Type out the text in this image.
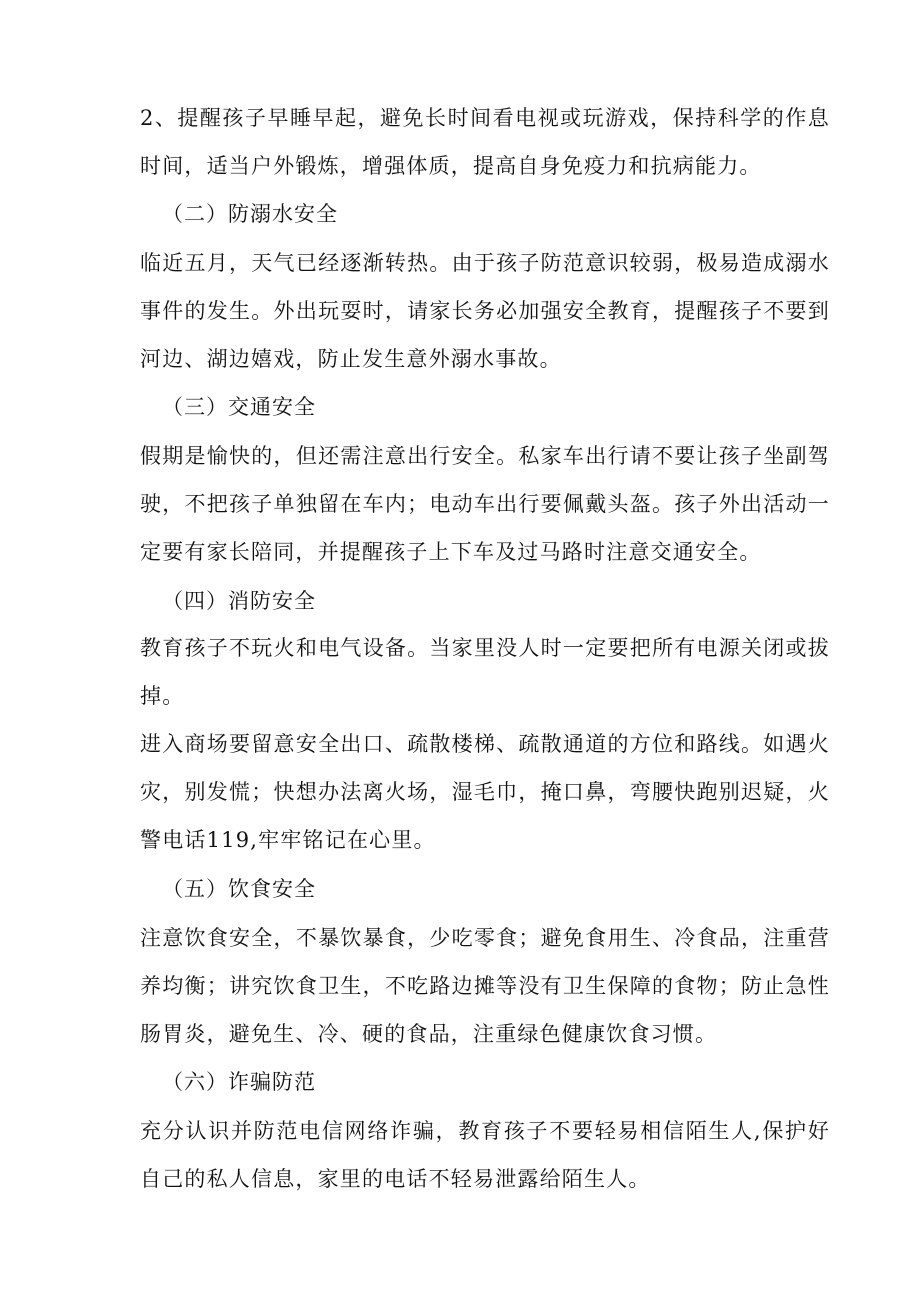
2、提醒孩子早睡早起，避免长时间看电视或玩游戏，保持科学的作息时间，适当户外锻炼，增强体质，提高自身免疫力和抗病能力。

（二）防溺水安全

临近五月，天气已经逐渐转热。由于孩子防范意识较弱，极易造成溺水事件的发生。外出玩耍时，请家长务必加强安全教育，提醒孩子不要到河边、湖边嬉戏，防止发生意外溺水事故。

（三）交通安全

假期是愉快的，但还需注意出行安全。私家车出行请不要让孩子坐副驾驶，不把孩子单独留在车内；电动车出行要佩戴头盔。孩子外出活动一定要有家长陪同，并提醒孩子上下车及过马路时注意交通安全。

（四）消防安全

教育孩子不玩火和电气设备。当家里没人时一定要把所有电源关闭或拔掉。

进入商场要留意安全出口、疏散楼梯、疏散通道的方位和路线。如遇火灾，别发慌；快想办法离火场，湿毛巾，掩口鼻，弯腰快跑别迟疑，火警电话119,牢牢铭记在心里。

（五）饮食安全

注意饮食安全，不暴饮暴食，少吃零食；避免食用生、冷食品，注重营养均衡；讲究饮食卫生，不吃路边摊等没有卫生保障的食物；防止急性肠胃炎，避免生、冷、硬的食品，注重绿色健康饮食习惯。

（六）诈骗防范

充分认识并防范电信网络诈骗，教育孩子不要轻易相信陌生人,保护好自己的私人信息，家里的电话不轻易泄露给陌生人。
